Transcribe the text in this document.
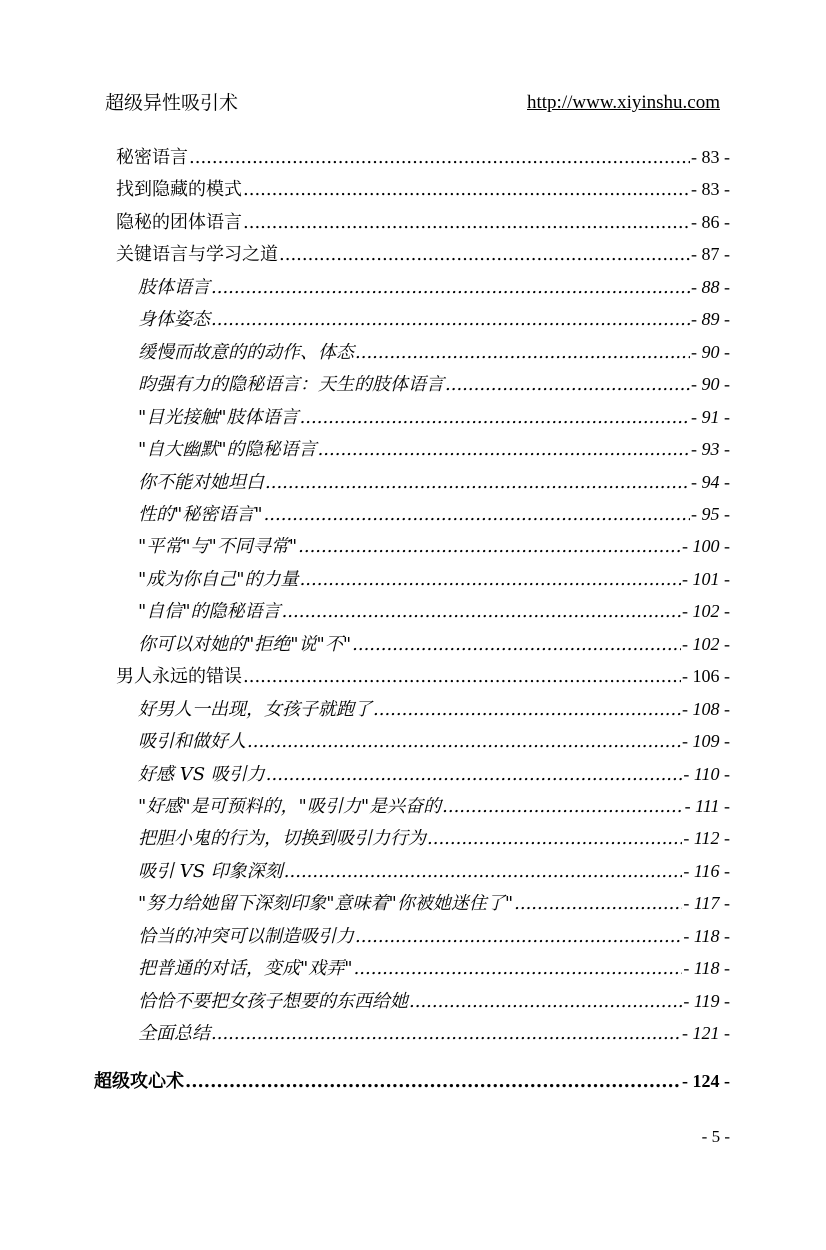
超级异性吸引术	http://www.xiyinshu.com
秘密语言 .....	- 83 -
找到隐藏的模式 .....	- 83 -
隐秘的团体语言 .....	- 86 -
关键语言与学习之道 .....	- 87 -
肢体语言 .....	- 88 -
身体姿态 .....	- 89 -
缓慢而故意的的动作、体态 .....	- 90 -
昀强有力的隐秘语言：天生的肢体语言 .....	- 90 -
"目光接触"肢体语言 .....	- 91 -
"自大幽默"的隐秘语言 .....	- 93 -
你不能对她坦白 .....	- 94 -
性的"秘密语言" .....	- 95 -
"平常"与"不同寻常" .....	- 100 -
"成为你自己"的力量 .....	- 101 -
"自信"的隐秘语言 .....	- 102 -
你可以对她的"拒绝"说"不" .....	- 102 -
男人永远的错误 .....	- 106 -
好男人一出现，女孩子就跑了 .....	- 108 -
吸引和做好人 .....	- 109 -
好感 VS 吸引力 .....	- 110 -
"好感"是可预料的，"吸引力"是兴奋的 .....	- 111 -
把胆小鬼的行为，切换到吸引力行为 .....	- 112 -
吸引 VS 印象深刻 .....	- 116 -
"努力给她留下深刻印象"意味着"你被她迷住了" .....	- 117 -
恰当的冲突可以制造吸引力 .....	- 118 -
把普通的对话，变成"戏弄" .....	- 118 -
恰恰不要把女孩子想要的东西给她 .....	- 119 -
全面总结 .....	- 121 -
超级攻心术 .....	- 124 -
- 5 -
